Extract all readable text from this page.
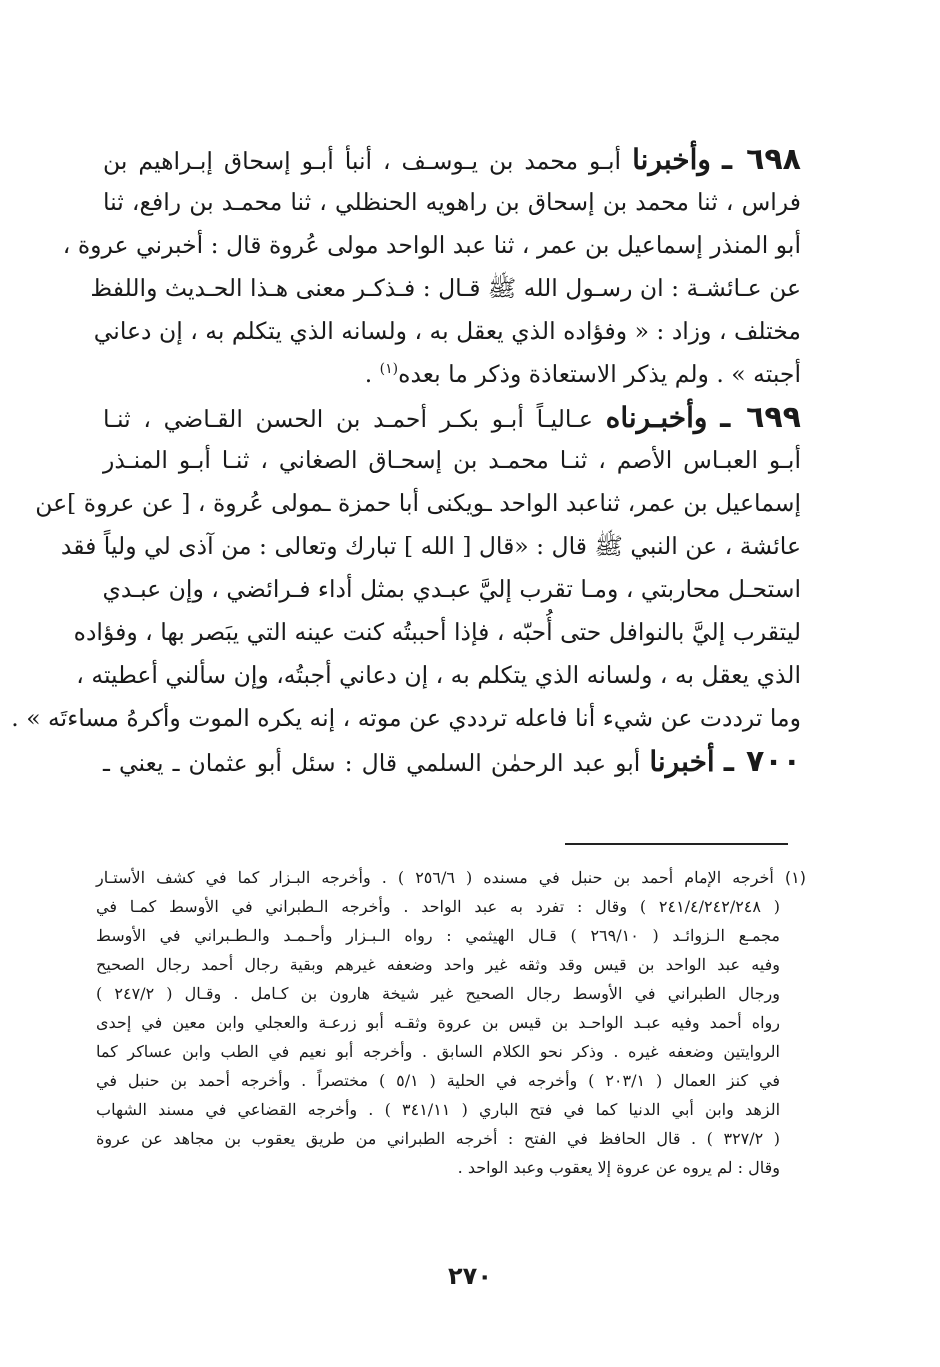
٦٩٨ ـ وأخبرنا أبـو محمد بن يـوسـف ، أنبأ أبـو إسحاق إبـراهيم بن
فراس ، ثنا محمد بن إسحاق بن راهويه الحنظلي ، ثنا محمـد بن رافع، ثنا
أبو المنذر إسماعيل بن عمر ، ثنا عبد الواحد مولى عُروة قال : أخبرني عروة ،
عن عـائشـة : ان رسـول الله ﷺ قـال : فـذكـر معنى هـذا الحـديث واللفظ
مختلف ، وزاد : « وفؤاده الذي يعقل به ، ولسانه الذي يتكلم به ، إن دعاني
أجبته » . ولم يذكر الاستعاذة وذكر ما بعده$^{(١)}$ .
٦٩٩ ـ وأخبـرناه عـاليـاً أبـو بكـر أحمـد بن الحسن القـاضي ، ثنـا
أبـو العبـاس الأصم ، ثنـا محمـد بن إسحـاق الصغاني ، ثنـا أبـو المنـذر
إسماعيل بن عمر، ثناعبد الواحد ـويكنى أبا حمزة ـمولى عُروة ، [ عن عروة ]عن
عائشة ، عن النبي ﷺ قال : «قال [ الله ] تبارك وتعالى : من آذى لي ولياً فقد
استحـل محاربتي ، ومـا تقرب إليَّ عبـدي بمثل أداء فـرائضي ، وإن عبـدي
ليتقرب إليَّ بالنوافل حتى أُحبّه ، فإذا أحببتُه كنت عينه التي يبَصر بها ، وفؤاده
الذي يعقل به ، ولسانه الذي يتكلم به ، إن دعاني أجبتُه، وإن سألني أعطيته ،
وما ترددت عن شيء أنا فاعله ترددي عن موته ، إنه يكره الموت وأكرهُ مساءتَه » .
٧٠٠ ـ أخبرنا أبو عبد الرحمٰن السلمي قال : سئل أبو عثمان ـ يعني ـ
(١) أخرجه الإمام أحمد بن حنبل في مسنده ( ٢٥٦/٦ ) . وأخرجه البـزار كما في كشف الأستـار
( ٢٤١/٤/٢٤٢/٢٤٨ ) وقال : تفرد به عبد الواحد . وأخرجه الـطبراني في الأوسط كمـا في
مجمـع الـزوائـد ( ٢٦٩/١٠ ) قـال الهيثمي : رواه الـبـزار وأحـمـد والـطـبراني في الأوسط
وفيه عبد الواحد بن قيس وقد وثقه غير واحد وضعفه غيرهم وبقية رجال أحمد رجال الصحيح
ورجال الطبراني في الأوسط رجال الصحيح غير شيخة هارون بن كـامل . وقـال ( ٢٤٧/٢ )
رواه أحمد وفيه عبـد الواحـد بن قيس بن عروة وثقـه أبو زرعـة والعجلي وابن معين في إحدى
الروايتين وضعفه غيره . وذكر نحو الكلام السابق . وأخرجه أبو نعيم في الطب وابن عساكر كما
في كنز العمال ( ٢٠٣/١ ) وأخرجه في الحلية ( ٥/١ ) مختصراً . وأخرجه أحمد بن حنبل في
الزهد وابن أبي الدنيا كما في فتح الباري ( ٣٤١/١١ ) . وأخرجه القضاعي في مسند الشهاب
( ٣٢٧/٢ ) . قال الحافظ في الفتح : أخرجه الطبراني من طريق يعقوب بن مجاهد عن عروة
وقال : لم يروه عن عروة إلا يعقوب وعبد الواحد .
٢٧٠
